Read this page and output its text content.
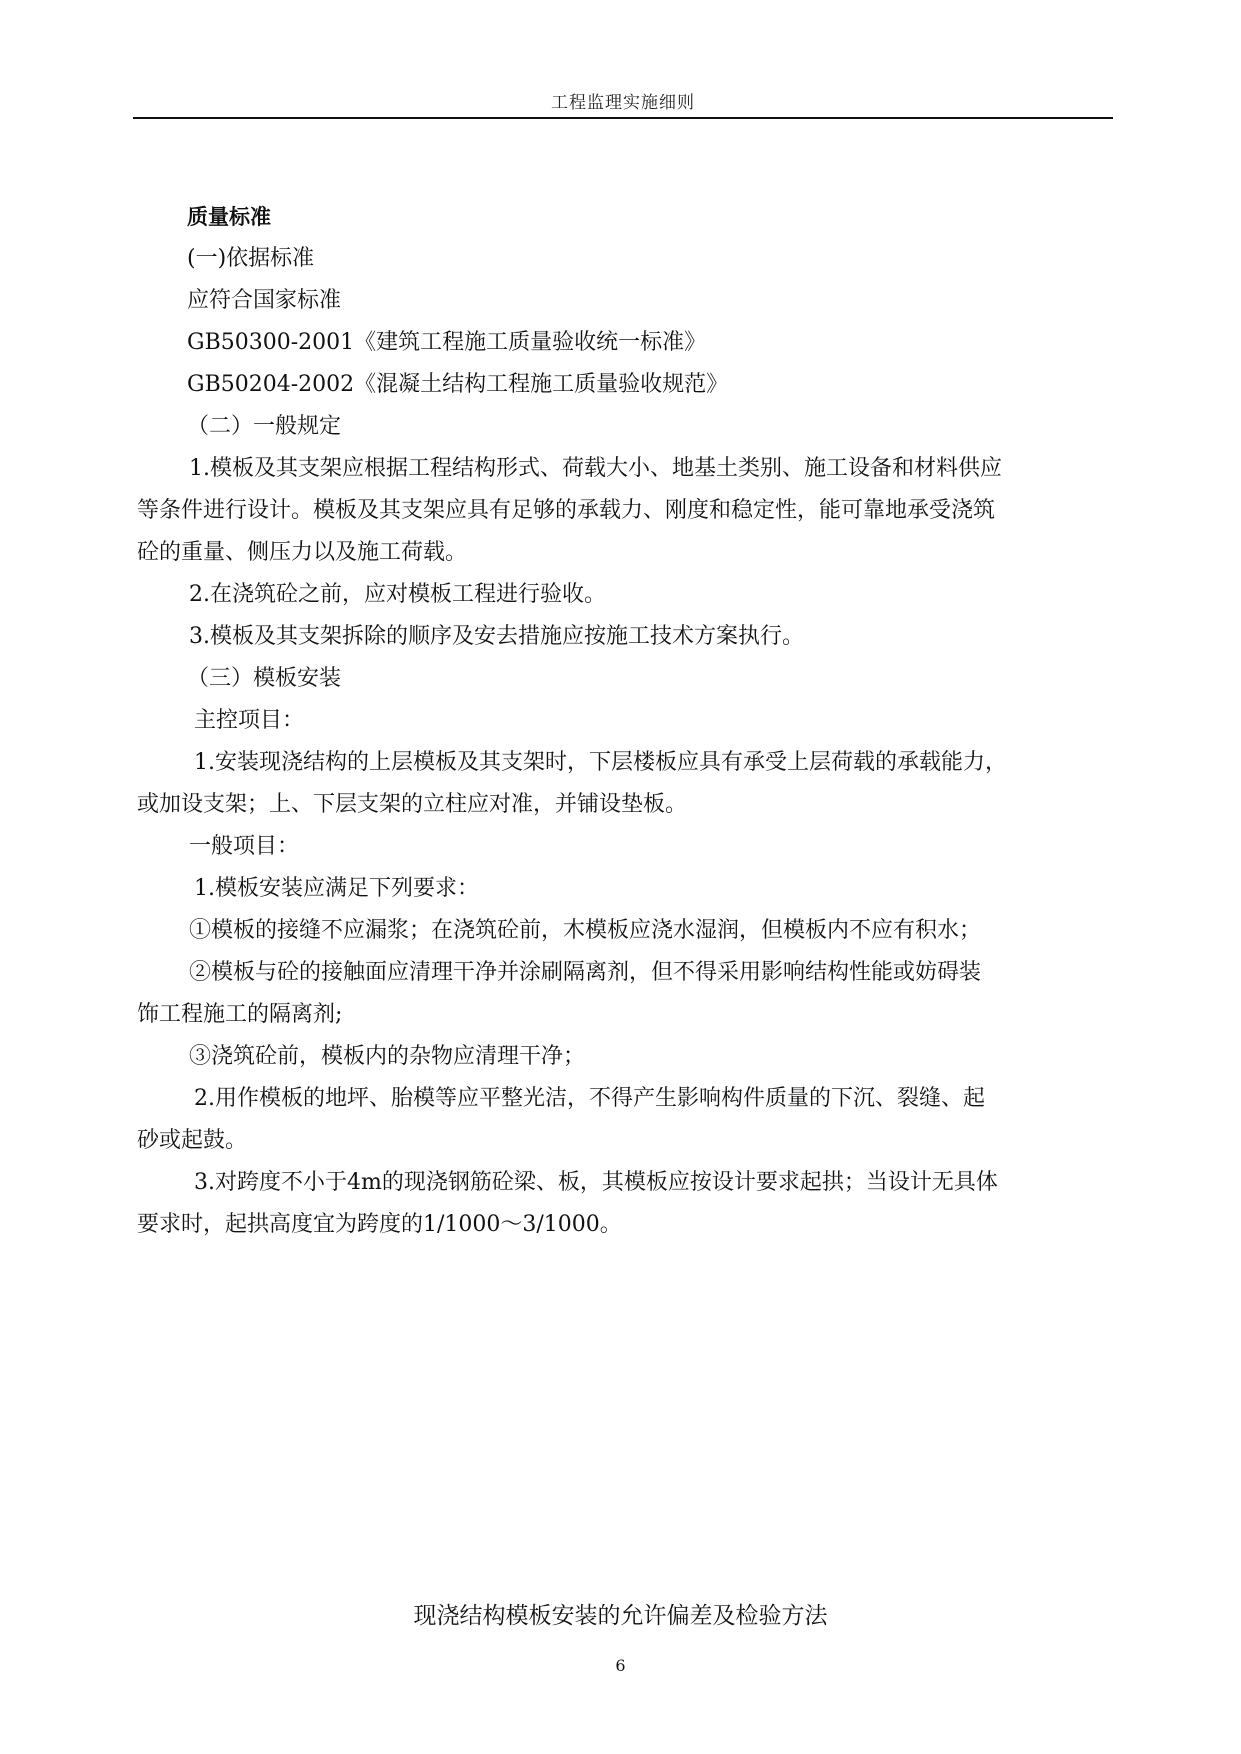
工程监理实施细则
质量标准
(一)依据标准
应符合国家标准
GB50300-2001《建筑工程施工质量验收统一标准》
GB50204-2002《混凝土结构工程施工质量验收规范》
（二）一般规定
1.模板及其支架应根据工程结构形式、荷载大小、地基土类别、施工设备和材料供应
等条件进行设计。模板及其支架应具有足够的承载力、刚度和稳定性，能可靠地承受浇筑
砼的重量、侧压力以及施工荷载。
2.在浇筑砼之前，应对模板工程进行验收。
3.模板及其支架拆除的顺序及安去措施应按施工技术方案执行。
（三）模板安装
主控项目：
1.安装现浇结构的上层模板及其支架时，下层楼板应具有承受上层荷载的承载能力，
或加设支架；上、下层支架的立柱应对准，并铺设垫板。
一般项目：
1.模板安装应满足下列要求：
①模板的接缝不应漏浆；在浇筑砼前，木模板应浇水湿润，但模板内不应有积水；
②模板与砼的接触面应清理干净并涂刷隔离剂，但不得采用影响结构性能或妨碍装
饰工程施工的隔离剂;
③浇筑砼前，模板内的杂物应清理干净；
2.用作模板的地坪、胎模等应平整光洁，不得产生影响构件质量的下沉、裂缝、起
砂或起鼓。
3.对跨度不小于4m的现浇钢筋砼梁、板，其模板应按设计要求起拱；当设计无具体
要求时，起拱高度宜为跨度的1/1000～3/1000。
现浇结构模板安装的允许偏差及检验方法
6
